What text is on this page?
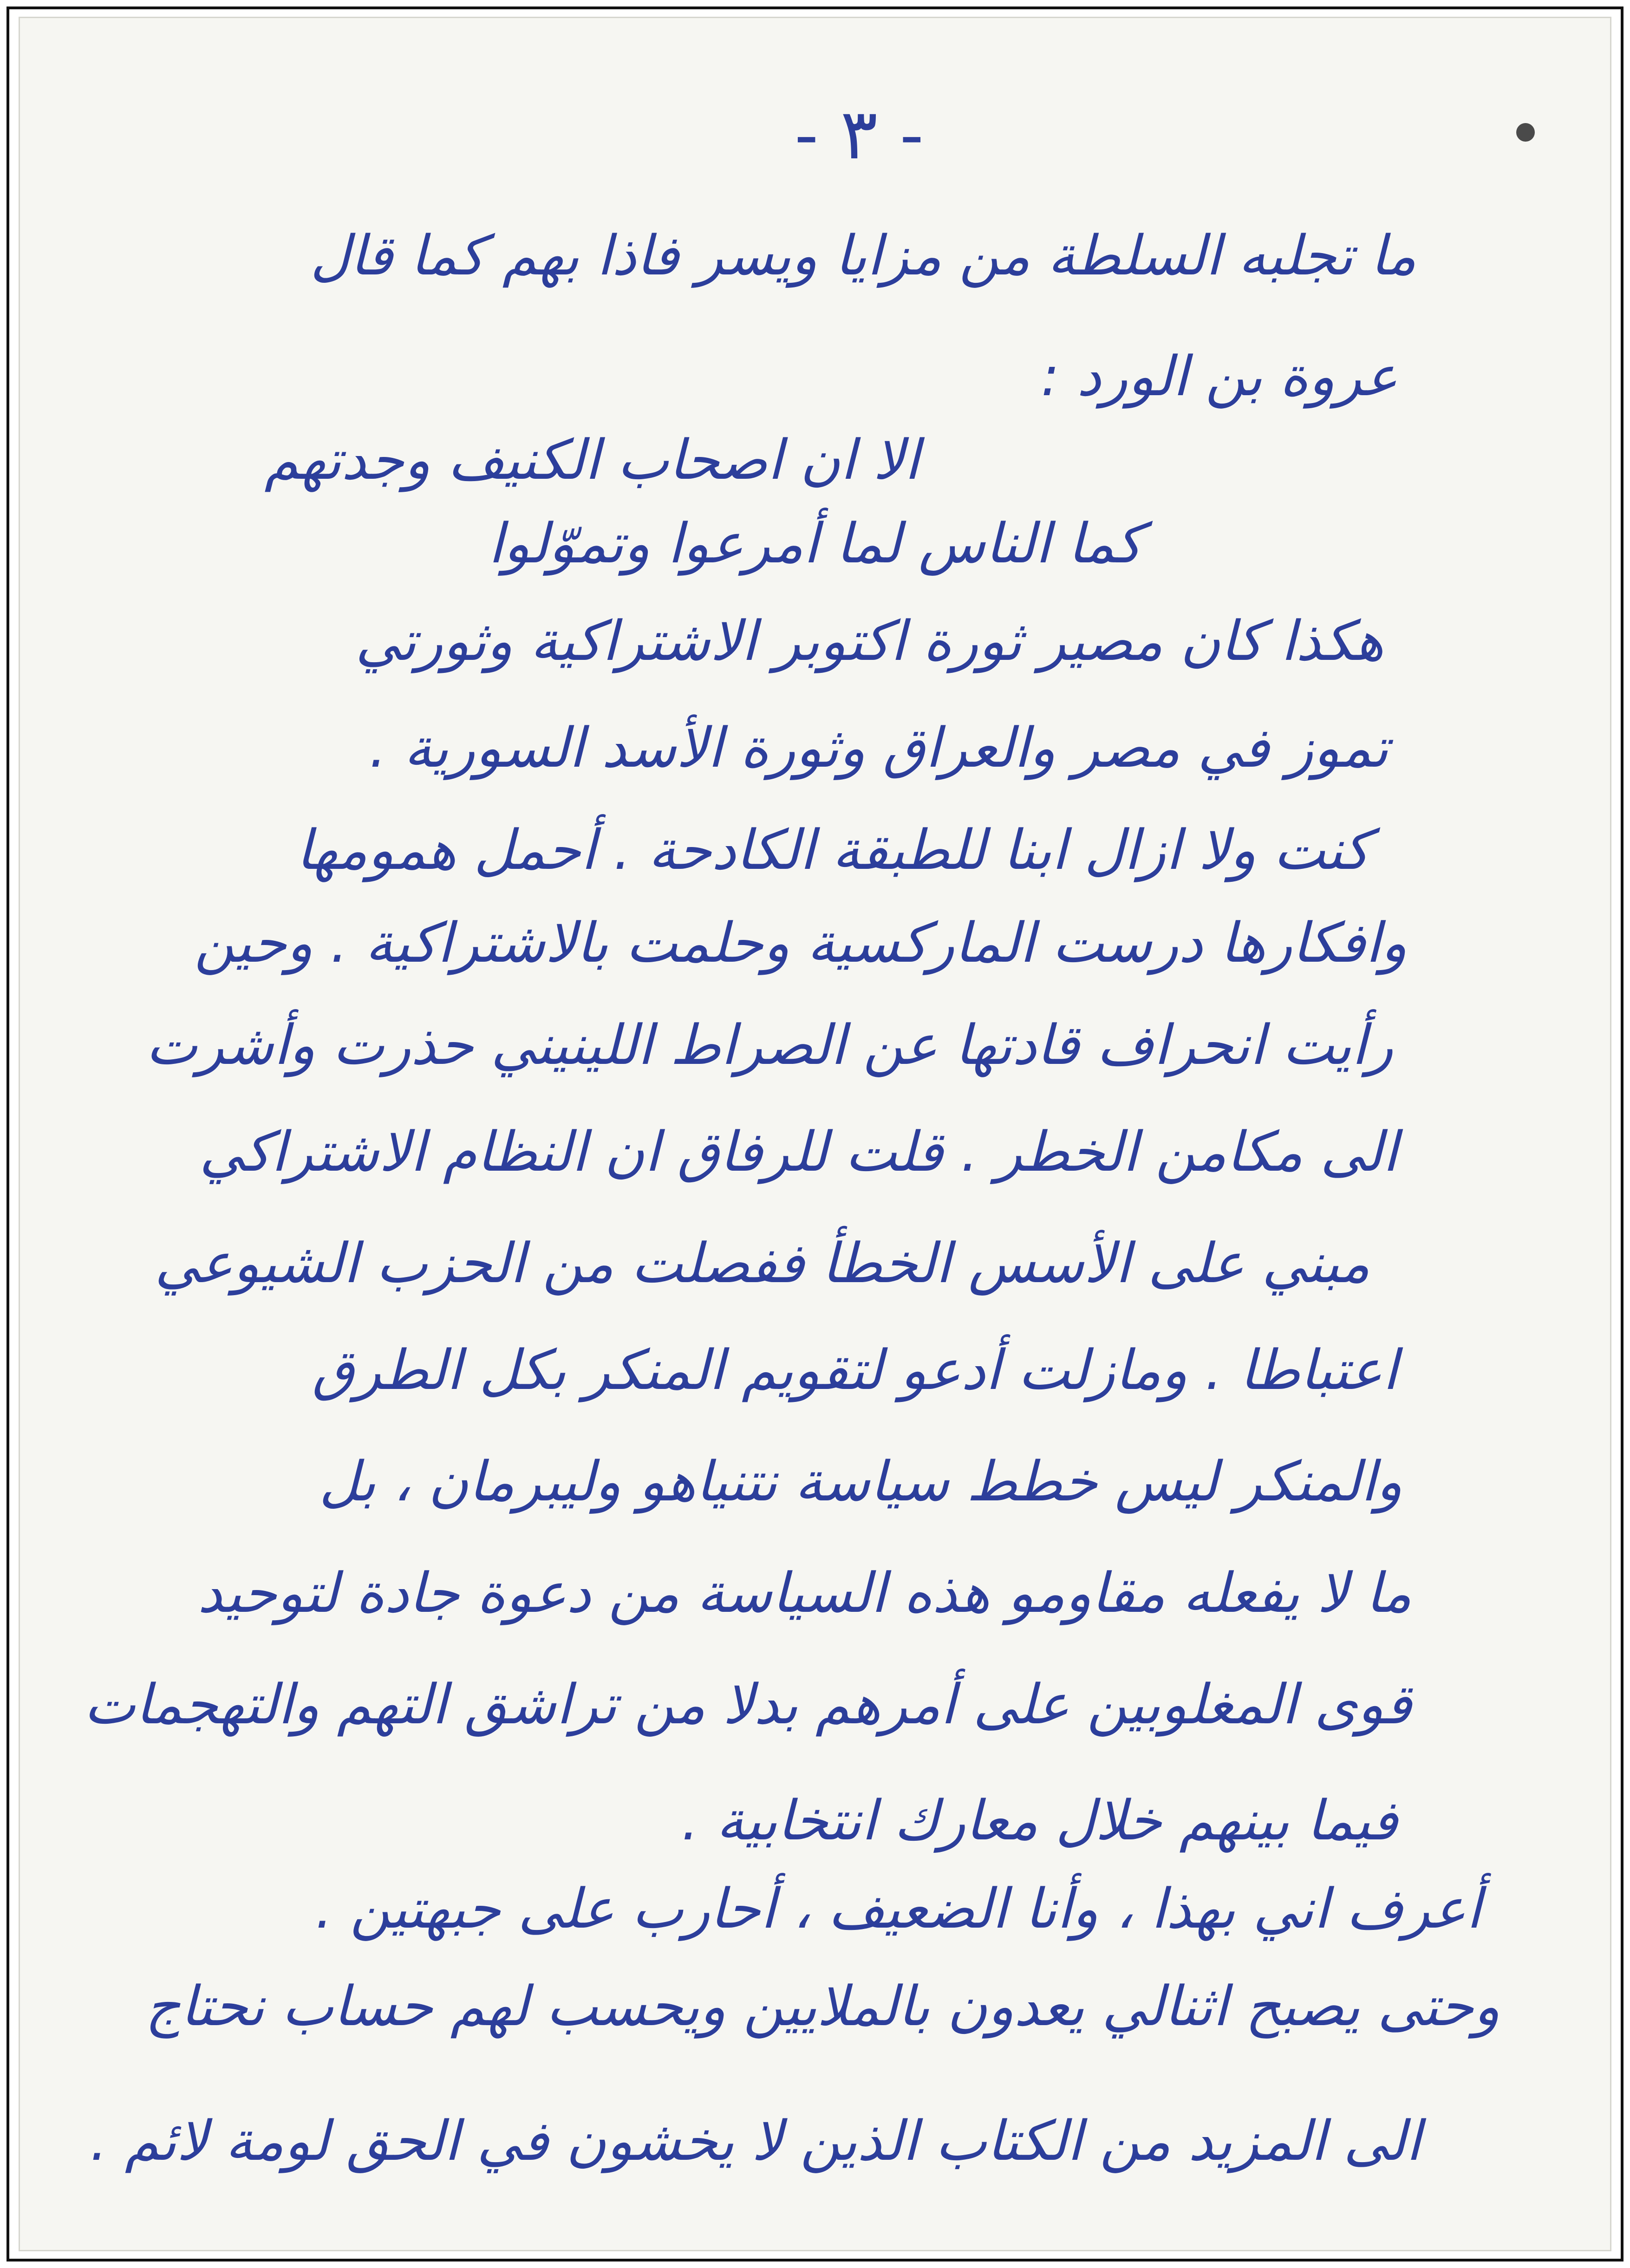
- ٣ -

ما تجلبه السلطة من مزايا ويسر فاذا بهم كما قال

عروة بن الورد :

الا ان اصحاب الكنيف وجدتهم

كما الناس لما أمرعوا وتموّلوا

هكذا كان مصير ثورة اكتوبر الاشتراكية وثورتي

تموز في مصر والعراق وثورة الأسد السورية .

كنت ولا ازال ابنا للطبقة الكادحة . أحمل همومها

وافكارها درست الماركسية وحلمت بالاشتراكية . وحين

رأيت انحراف قادتها عن الصراط اللينيني حذرت وأشرت

الى مكامن الخطر . قلت للرفاق ان النظام الاشتراكي

مبني على الأسس الخطأ ففصلت من الحزب الشيوعي

اعتباطا . ومازلت أدعو لتقويم المنكر بكل الطرق

والمنكر ليس خطط سياسة نتنياهو وليبرمان ، بل

ما لا يفعله مقاومو هذه السياسة من دعوة جادة لتوحيد

قوى المغلوبين على أمرهم بدلا من تراشق التهم والتهجمات

فيما بينهم خلال معارك انتخابية .

أعرف اني بهذا ، وأنا الضعيف ، أحارب على جبهتين .

وحتى يصبح اثنالي يعدون بالملايين ويحسب لهم حساب نحتاج

الى المزيد من الكتاب الذين لا يخشون في الحق لومة لائم .
